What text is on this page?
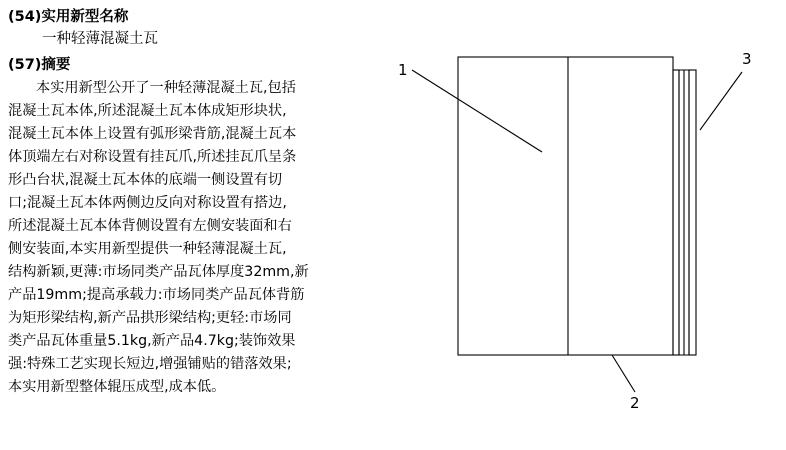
(54)实用新型名称
一种轻薄混凝土瓦
(57)摘要

本实用新型公开了一种轻薄混凝土瓦,包括

混凝土瓦本体,所述混凝土瓦本体成矩形块状,

混凝土瓦本体上设置有弧形梁背筋,混凝土瓦本

体顶端左右对称设置有挂瓦爪,所述挂瓦爪呈条

形凸台状,混凝土瓦本体的底端一侧设置有切

口;混凝土瓦本体两侧边反向对称设置有搭边,

所述混凝土瓦本体背侧设置有左侧安装面和右

侧安装面,本实用新型提供一种轻薄混凝土瓦,

结构新颖,更薄:市场同类产品瓦体厚度32mm,新

产品19mm;提高承载力:市场同类产品瓦体背筋

为矩形梁结构,新产品拱形梁结构;更轻:市场同

类产品瓦体重量5.1kg,新产品4.7kg;装饰效果

强:特殊工艺实现长短边,增强铺贴的错落效果;

本实用新型整体辊压成型,成本低。

1
2
3
